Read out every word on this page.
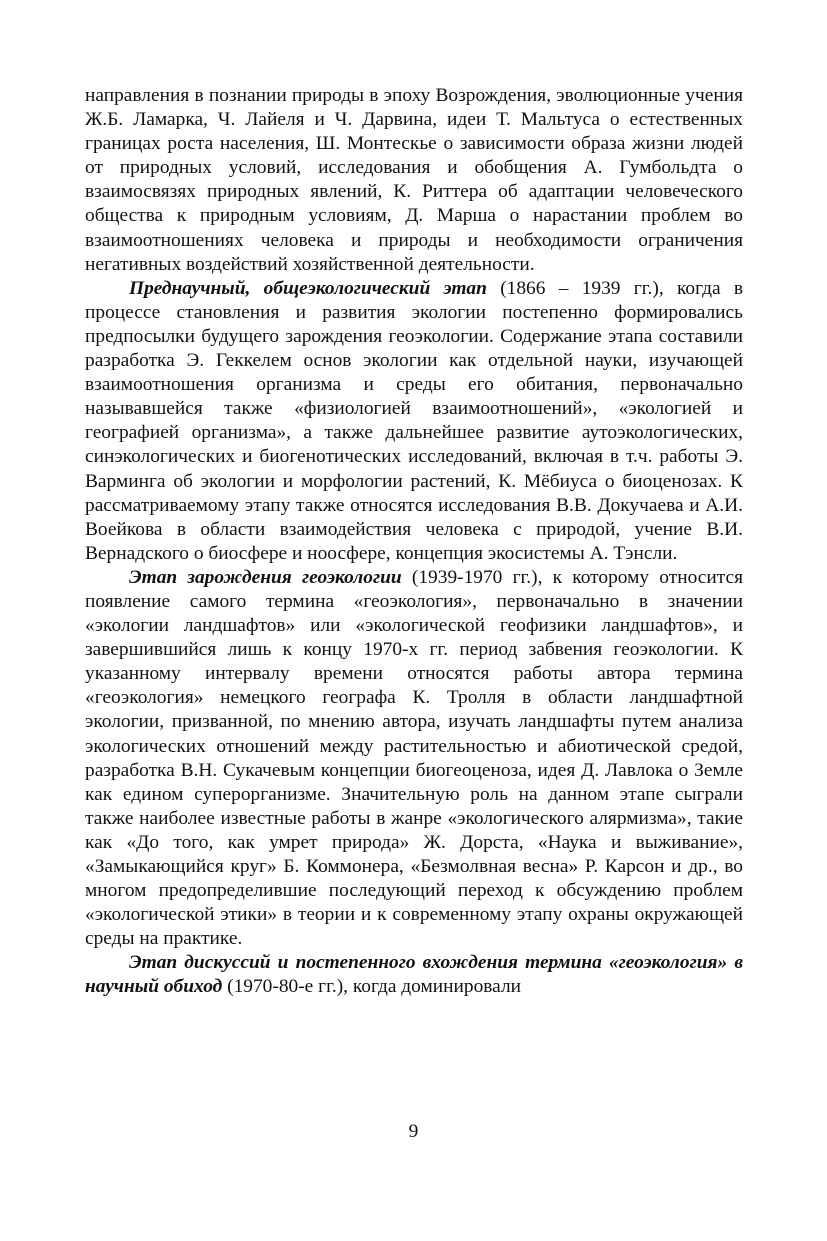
направления в познании природы в эпоху Возрождения, эволюционные учения Ж.Б. Ламарка, Ч. Лайеля и Ч. Дарвина, идеи Т. Мальтуса о естественных границах роста населения, Ш. Монтескье о зависимости образа жизни людей от природных условий, исследования и обобщения А. Гумбольдта о взаимосвязях природных явлений, К. Риттера об адаптации человеческого общества к природным условиям, Д. Марша о нарастании проблем во взаимоотношениях человека и природы и необходимости ограничения негативных воздействий хозяйственной деятельности.

Преднаучный, общеэкологический этап (1866 – 1939 гг.), когда в процессе становления и развития экологии постепенно формировались предпосылки будущего зарождения геоэкологии. Содержание этапа составили разработка Э. Геккелем основ экологии как отдельной науки, изучающей взаимоотношения организма и среды его обитания, первоначально называвшейся также «физиологией взаимоотношений», «экологией и географией организма», а также дальнейшее развитие аутоэкологических, синэкологических и биогенотических исследований, включая в т.ч. работы Э. Варминга об экологии и морфологии растений, К. Мёбиуса о биоценозах. К рассматриваемому этапу также относятся исследования В.В. Докучаева и А.И. Воейкова в области взаимодействия человека с природой, учение В.И. Вернадского о биосфере и ноосфере, концепция экосистемы А. Тэнсли.

Этап зарождения геоэкологии (1939-1970 гг.), к которому относится появление самого термина «геоэкология», первоначально в значении «экологии ландшафтов» или «экологической геофизики ландшафтов», и завершившийся лишь к концу 1970-х гг. период забвения геоэкологии. К указанному интервалу времени относятся работы автора термина «геоэкология» немецкого географа К. Тролля в области ландшафтной экологии, призванной, по мнению автора, изучать ландшафты путем анализа экологических отношений между растительностью и абиотической средой, разработка В.Н. Сукачевым концепции биогеоценоза, идея Д. Лавлока о Земле как едином суперорганизме. Значительную роль на данном этапе сыграли также наиболее известные работы в жанре «экологического алярмизма», такие как «До того, как умрет природа» Ж. Дорста, «Наука и выживание», «Замыкающийся круг» Б. Коммонера, «Безмолвная весна» Р. Карсон и др., во многом предопределившие последующий переход к обсуждению проблем «экологической этики» в теории и к современному этапу охраны окружающей среды на практике.

Этап дискуссий и постепенного вхождения термина «геоэкология» в научный обиход (1970-80-е гг.), когда доминировали

9
